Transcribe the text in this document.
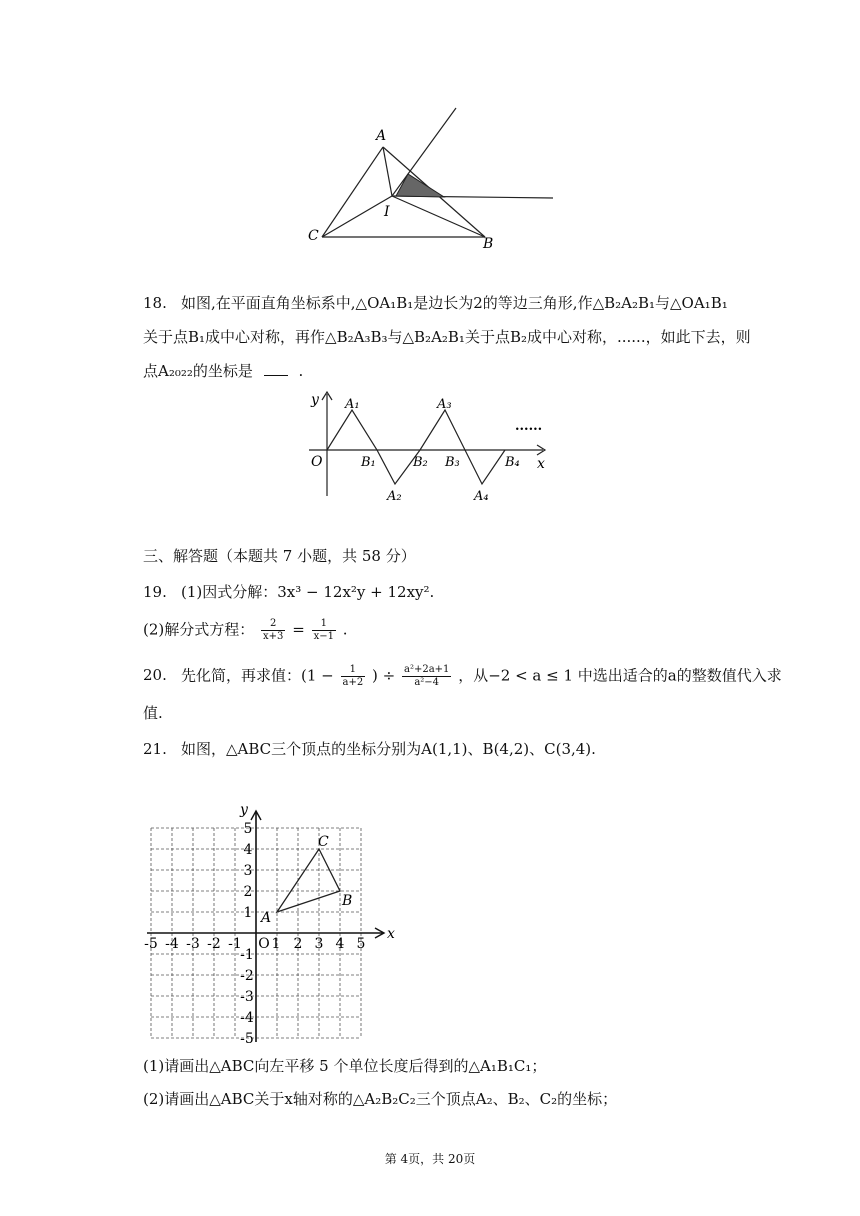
A
I
C	B
18. 如图,在平面直角坐标系中,△OA₁B₁是边长为2的等边三角形,作△B₂A₂B₁与△OA₁B₁
关于点B₁成中心对称，再作△B₂A₃B₃与△B₂A₂B₁关于点B₂成中心对称，......，如此下去，则
点A₂₀₂₂的坐标是	.
y
x
O
A₁	A₃
A₂	A₄
B₁	B₂ B₃	B₄
......
三、解答题（本题共 7 小题，共 58 分）
19. (1)因式分解：3x³ − 12x²y + 12xy².
(2)解分式方程： $\frac{2}{x+3} = \frac{1}{x-1}$ .
20. 先化简，再求值：($1 - \frac{1}{a+2}$ ) ÷ $\frac{\text{a²+2a+1}}{\text{a²−4}}$ ，从−2 < a ≤ 1 中选出适合的a的整数值代入求
值.
21. 如图，△ABC三个顶点的坐标分别为A(1,1)、B(4,2)、C(3,4).
-5 -4 -3 -2 -1 O 1 2 3 4 5
5
4
3
2
1
-1
-2
-3
-4
-5
A
B
C
x
y
(1)请画出△ABC向左平移 5 个单位长度后得到的△A₁B₁C₁；
(2)请画出△ABC关于x轴对称的△A₂B₂C₂三个顶点A₂、B₂、C₂的坐标；
第 4页，共 20页
